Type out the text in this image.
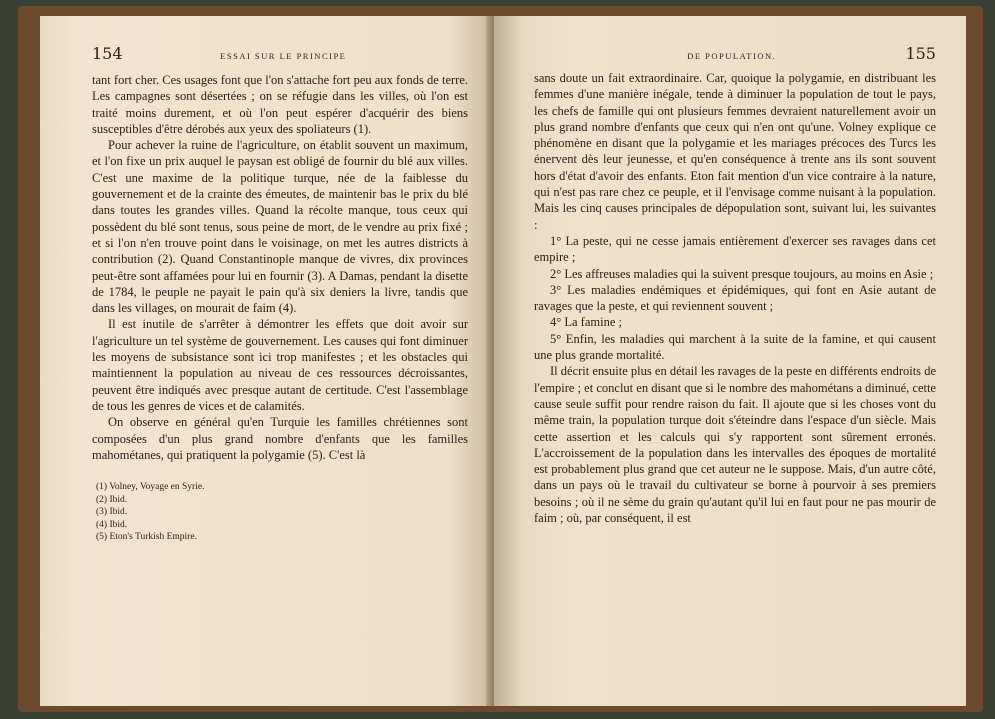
154	ESSAI SUR LE PRINCIPE

tant fort cher. Ces usages font que l'on s'attache fort peu aux fonds de terre. Les campagnes sont désertées ; on se réfugie dans les villes, où l'on est traité moins durement, et où l'on peut espérer d'acquérir des biens susceptibles d'être dérobés aux yeux des spoliateurs (1).

Pour achever la ruine de l'agriculture, on établit souvent un maximum, et l'on fixe un prix auquel le paysan est obligé de fournir du blé aux villes. C'est une maxime de la politique turque, née de la faiblesse du gouvernement et de la crainte des émeutes, de maintenir bas le prix du blé dans toutes les grandes villes. Quand la récolte manque, tous ceux qui possèdent du blé sont tenus, sous peine de mort, de le vendre au prix fixé ; et si l'on n'en trouve point dans le voisinage, on met les autres districts à contribution (2). Quand Constantinople manque de vivres, dix provinces peut-être sont affamées pour lui en fournir (3). A Damas, pendant la disette de 1784, le peuple ne payait le pain qu'à six deniers la livre, tandis que dans les villages, on mourait de faim (4).

Il est inutile de s'arrêter à démontrer les effets que doit avoir sur l'agriculture un tel système de gouvernement. Les causes qui font diminuer les moyens de subsistance sont ici trop manifestes ; et les obstacles qui maintiennent la population au niveau de ces ressources décroissantes, peuvent être indiqués avec presque autant de certitude. C'est l'assemblage de tous les genres de vices et de calamités.

On observe en général qu'en Turquie les familles chrétiennes sont composées d'un plus grand nombre d'enfants que les familles mahométanes, qui pratiquent la polygamie (5). C'est là

(1) Volney, Voyage en Syrie.
(2) Ibid.
(3) Ibid.
(4) Ibid.
(5) Eton's Turkish Empire.
DE POPULATION.	155

sans doute un fait extraordinaire. Car, quoique la polygamie, en distribuant les femmes d'une manière inégale, tende à diminuer la population de tout le pays, les chefs de famille qui ont plusieurs femmes devraient naturellement avoir un plus grand nombre d'enfants que ceux qui n'en ont qu'une. Volney explique ce phénomène en disant que la polygamie et les mariages précoces des Turcs les énervent dès leur jeunesse, et qu'en conséquence à trente ans ils sont souvent hors d'état d'avoir des enfants. Eton fait mention d'un vice contraire à la nature, qui n'est pas rare chez ce peuple, et il l'envisage comme nuisant à la population. Mais les cinq causes principales de dépopulation sont, suivant lui, les suivantes :

1° La peste, qui ne cesse jamais entièrement d'exercer ses ravages dans cet empire ;

2° Les affreuses maladies qui la suivent presque toujours, au moins en Asie ;

3° Les maladies endémiques et épidémiques, qui font en Asie autant de ravages que la peste, et qui reviennent souvent ;

4° La famine ;

5° Enfin, les maladies qui marchent à la suite de la famine, et qui causent une plus grande mortalité.

Il décrit ensuite plus en détail les ravages de la peste en différents endroits de l'empire ; et conclut en disant que si le nombre des mahométans a diminué, cette cause seule suffit pour rendre raison du fait. Il ajoute que si les choses vont du même train, la population turque doit s'éteindre dans l'espace d'un siècle. Mais cette assertion et les calculs qui s'y rapportent sont sûrement erronés. L'accroissement de la population dans les intervalles des époques de mortalité est probablement plus grand que cet auteur ne le suppose. Mais, d'un autre côté, dans un pays où le travail du cultivateur se borne à pourvoir à ses premiers besoins ; où il ne sème du grain qu'autant qu'il lui en faut pour ne pas mourir de faim ; où, par conséquent, il est
